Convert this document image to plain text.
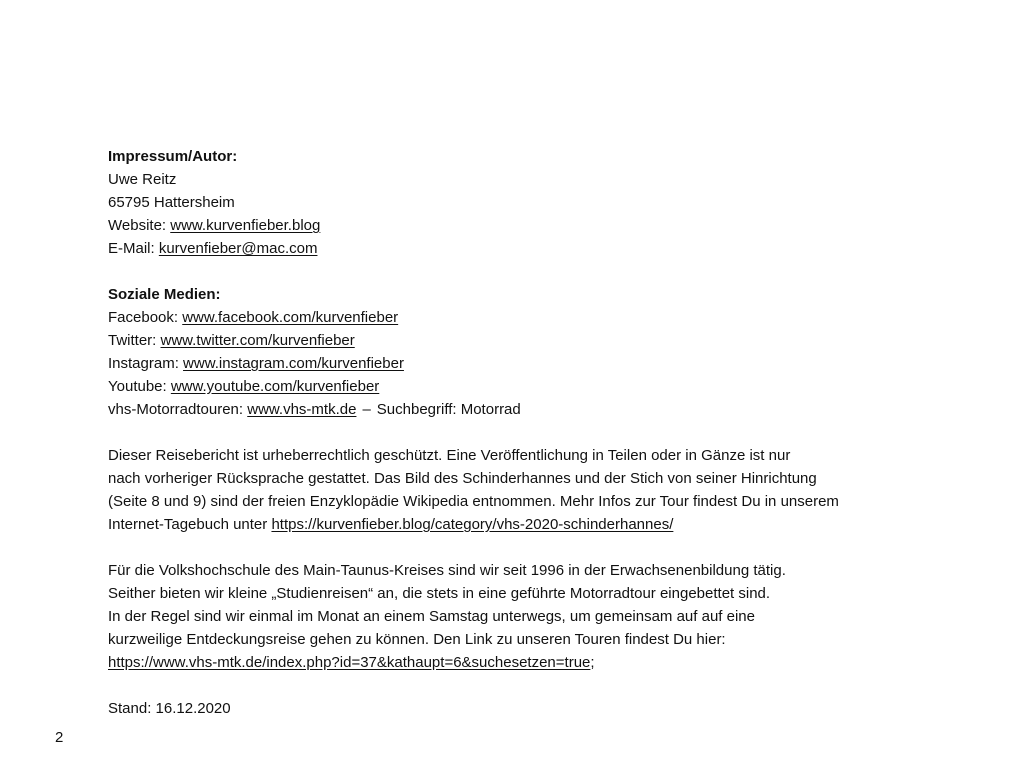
Impressum/Autor:
Uwe Reitz
65795 Hattersheim
Website: www.kurvenfieber.blog
E-Mail: kurvenfieber@mac.com
Soziale Medien:
Facebook: www.facebook.com/kurvenfieber
Twitter: www.twitter.com/kurvenfieber
Instagram: www.instagram.com/kurvenfieber
Youtube: www.youtube.com/kurvenfieber
vhs-Motorradtouren: www.vhs-mtk.de – Suchbegriff: Motorrad
Dieser Reisebericht ist urheberrechtlich geschützt. Eine Veröffentlichung in Teilen oder in Gänze ist nur
nach vorheriger Rücksprache gestattet. Das Bild des Schinderhannes und der Stich von seiner Hinrichtung
(Seite 8 und 9) sind der freien Enzyklopädie Wikipedia entnommen. Mehr Infos zur Tour findest Du in unserem
Internet-Tagebuch unter https://kurvenfieber.blog/category/vhs-2020-schinderhannes/
Für die Volkshochschule des Main-Taunus-Kreises sind wir seit 1996 in der Erwachsenenbildung tätig.
Seither bieten wir kleine „Studienreisen“ an, die stets in eine geführte Motorradtour eingebettet sind.
In der Regel sind wir einmal im Monat an einem Samstag unterwegs, um gemeinsam auf auf eine
kurzweilige Entdeckungsreise gehen zu können. Den Link zu unseren Touren findest Du hier:
https://www.vhs-mtk.de/index.php?id=37&kathaupt=6&suchesetzen=true;
Stand: 16.12.2020
2
